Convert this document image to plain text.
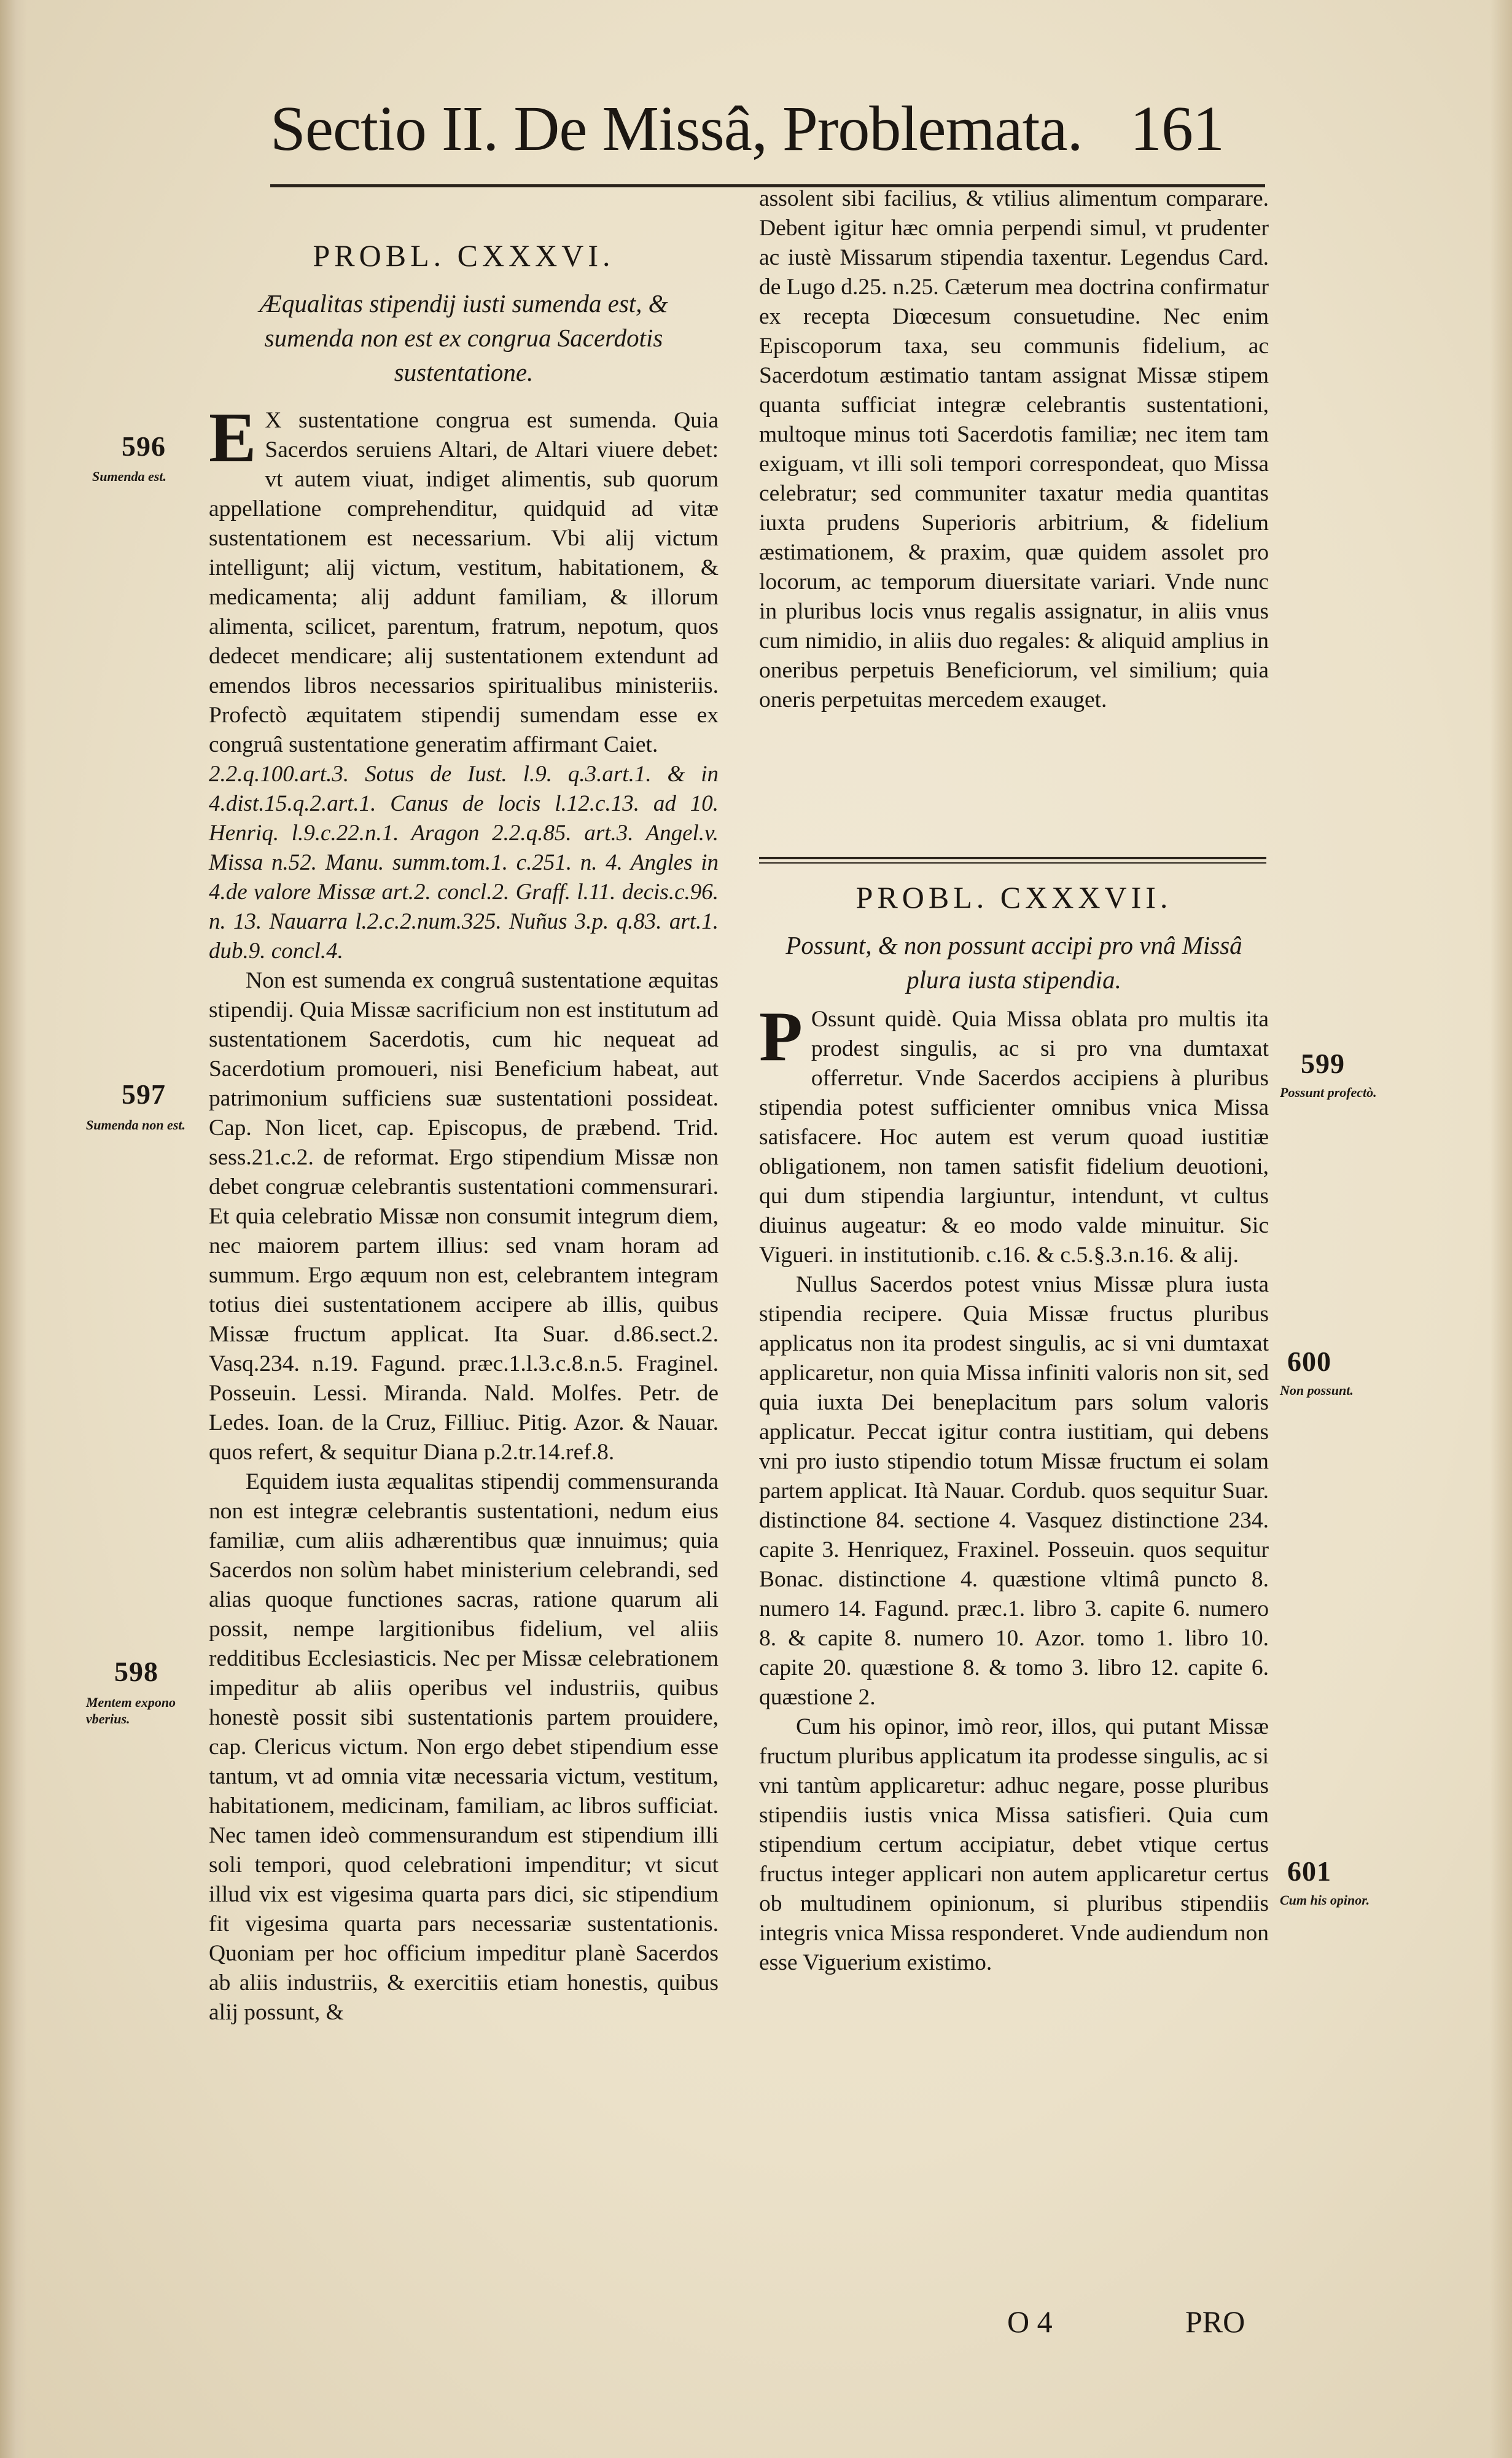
Sectio II. De Missâ, Problemata. 161
PROBL. CXXXVI.
Æqualitas stipendij iusti sumenda est, & sumenda non est ex congrua Sacerdotis sustentatione.

E X sustentatione congrua est sumenda. Quia Sacerdos seruiens Altari, de Altari viuere debet: vt autem viuat, indiget alimentis, sub quorum appellatione comprehenditur, quidquid ad vitæ sustentationem est necessarium. Vbi alij victum intelligunt; alij victum, vestitum, habitationem, & medicamenta; alij addunt familiam, & illorum alimenta, scilicet, parentum, fratrum, nepotum, quos dedecet mendicare; alij sustentationem extendunt ad emendos libros necessarios spiritualibus ministeriis. Profectò æquitatem stipendij sumendam esse ex congruâ sustentatione generatim affirmant Caiet.

2.2.q.100.art.3. Sotus de Iust. l.9. q.3.art.1. & in 4.dist.15.q.2.art.1. Canus de locis l.12.c.13. ad 10. Henriq. l.9.c.22.n.1. Aragon 2.2.q.85. art.3. Angel.v. Missa n.52. Manu. summ.tom.1. c.251. n. 4. Angles in 4.de valore Missæ art.2. concl.2. Graff. l.11. decis.c.96. n. 13. Nauarra l.2.c.2.num.325. Nuñus 3.p. q.83. art.1. dub.9. concl.4.

Non est sumenda ex congruâ sustentatione æquitas stipendij. Quia Missæ sacrificium non est institutum ad sustentationem Sacerdotis, cum hic nequeat ad Sacerdotium promoueri, nisi Beneficium habeat, aut patrimonium sufficiens suæ sustentationi possideat. Cap. Non licet, cap. Episcopus, de præbend. Trid. sess.21.c.2. de reformat. Ergo stipendium Missæ non debet congruæ celebrantis sustentationi commensurari. Et quia celebratio Missæ non consumit integrum diem, nec maiorem partem illius: sed vnam horam ad summum. Ergo æquum non est, celebrantem integram totius diei sustentationem accipere ab illis, quibus Missæ fructum applicat. Ita Suar. d.86.sect.2. Vasq.234. n.19. Fagund. præc.1.l.3.c.8.n.5. Fraginel. Posseuin. Lessi. Miranda. Nald. Molfes. Petr. de Ledes. Ioan. de la Cruz, Filliuc. Pitig. Azor. & Nauar. quos refert, & sequitur Diana p.2.tr.14.ref.8.

Equidem iusta æqualitas stipendij commensuranda non est integræ celebrantis sustentationi, nedum eius familiæ, cum aliis adhærentibus quæ innuimus; quia Sacerdos non solùm habet ministerium celebrandi, sed alias quoque functiones sacras, ratione quarum ali possit, nempe largitionibus fidelium, vel aliis redditibus Ecclesiasticis. Nec per Missæ celebrationem impeditur ab aliis operibus vel industriis, quibus honestè possit sibi sustentationis partem prouidere, cap. Clericus victum. Non ergo debet stipendium esse tantum, vt ad omnia vitæ necessaria victum, vestitum, habitationem, medicinam, familiam, ac libros sufficiat. Nec tamen ideò commensurandum est stipendium illi soli tempori, quod celebrationi impenditur; vt sicut illud vix est vigesima quarta pars dici, sic stipendium fit vigesima quarta pars necessariæ sustentationis. Quoniam per hoc officium impeditur planè Sacerdos ab aliis industriis, & exercitiis etiam honestis, quibus alij possunt, &

596
Sumenda est.
597
Sumenda non est.
598
Mentem expono vberius.

assolent sibi facilius, & vtilius alimentum comparare. Debent igitur hæc omnia perpendi simul, vt prudenter ac iustè Missarum stipendia taxentur. Legendus Card. de Lugo d.25. n.25. Cæterum mea doctrina confirmatur ex recepta Diœcesum consuetudine. Nec enim Episcoporum taxa, seu communis fidelium, ac Sacerdotum æstimatio tantam assignat Missæ stipem quanta sufficiat integræ celebrantis sustentationi, multoque minus toti Sacerdotis familiæ; nec item tam exiguam, vt illi soli tempori correspondeat, quo Missa celebratur; sed communiter taxatur media quantitas iuxta prudens Superioris arbitrium, & fidelium æstimationem, & praxim, quæ quidem assolet pro locorum, ac temporum diuersitate variari. Vnde nunc in pluribus locis vnus regalis assignatur, in aliis vnus cum nimidio, in aliis duo regales: & aliquid amplius in oneribus perpetuis Beneficiorum, vel similium; quia oneris perpetuitas mercedem exauget.

PROBL. CXXXVII.
Possunt, & non possunt accipi pro vnâ Missâ plura iusta stipendia.

P Ossunt quidè. Quia Missa oblata pro multis ita prodest singulis, ac si pro vna dumtaxat offerretur. Vnde Sacerdos accipiens à pluribus stipendia potest sufficienter omnibus vnica Missa satisfacere. Hoc autem est verum quoad iustitiæ obligationem, non tamen satisfit fidelium deuotioni, qui dum stipendia largiuntur, intendunt, vt cultus diuinus augeatur: & eo modo valde minuitur. Sic Vigueri. in institutionib. c.16. & c.5.§.3.n.16. & alij.

Nullus Sacerdos potest vnius Missæ plura iusta stipendia recipere. Quia Missæ fructus pluribus applicatus non ita prodest singulis, ac si vni dumtaxat applicaretur, non quia Missa infiniti valoris non sit, sed quia iuxta Dei beneplacitum pars solum valoris applicatur. Peccat igitur contra iustitiam, qui debens vni pro iusto stipendio totum Missæ fructum ei solam partem applicat. Ità Nauar. Cordub. quos sequitur Suar. distinctione 84. sectione 4. Vasquez distinctione 234. capite 3. Henriquez, Fraxinel. Posseuin. quos sequitur Bonac. distinctione 4. quæstione vltimâ puncto 8. numero 14. Fagund. præc.1. libro 3. capite 6. numero 8. & capite 8. numero 10. Azor. tomo 1. libro 10. capite 20. quæstione 8. & tomo 3. libro 12. capite 6. quæstione 2.

Cum his opinor, imò reor, illos, qui putant Missæ fructum pluribus applicatum ita prodesse singulis, ac si vni tantùm applicaretur: adhuc negare, posse pluribus stipendiis iustis vnica Missa satisfieri. Quia cum stipendium certum accipiatur, debet vtique certus fructus integer applicari non autem applicaretur certus ob multudinem opinionum, si pluribus stipendiis integris vnica Missa responderet. Vnde audiendum non esse Viguerium existimo.

599
Possunt profectò.
600
Non possunt.
601
Cum his opinor.
O 4	PRO
